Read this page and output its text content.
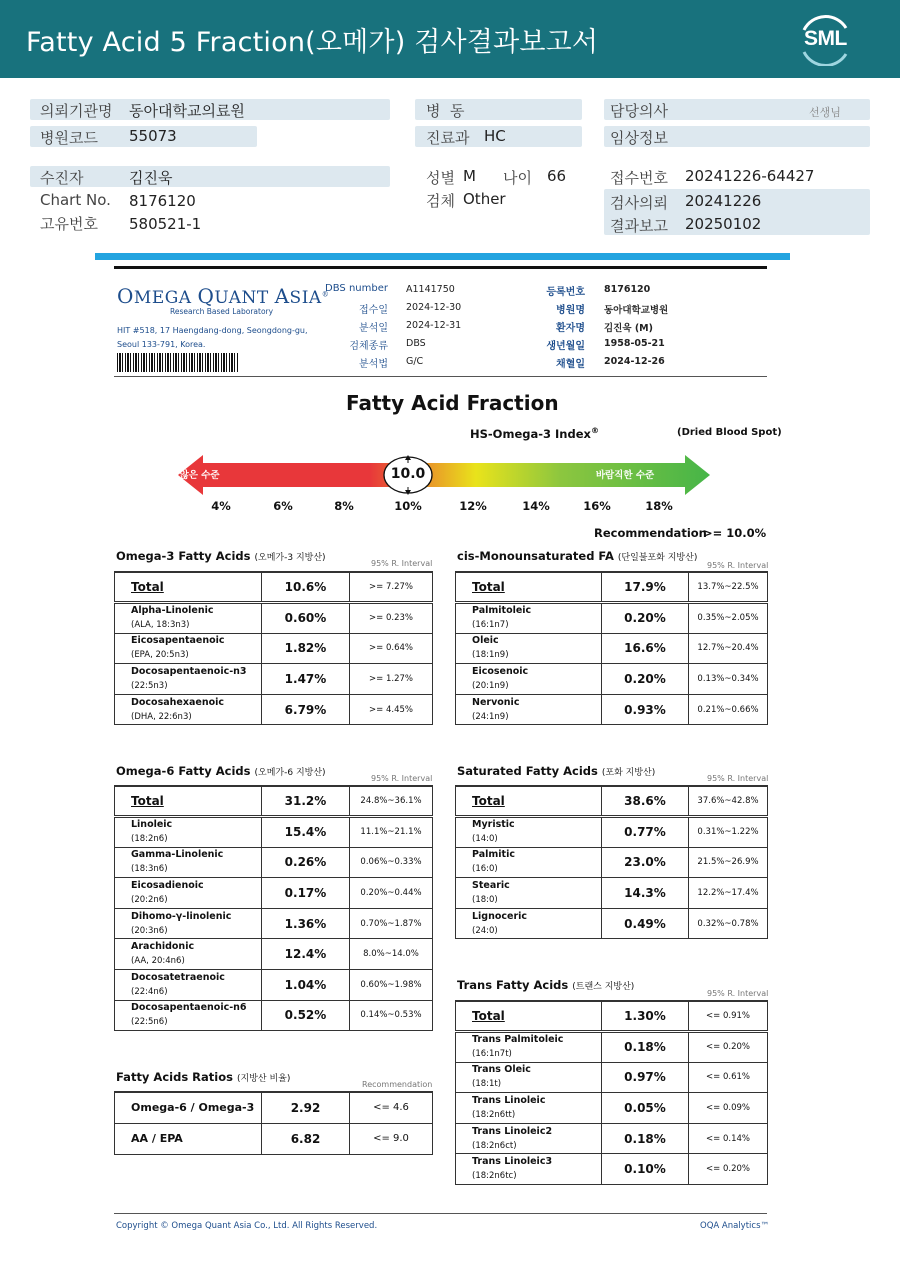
Fatty Acid 5 Fraction(오메가) 검사결과보고서	SML
의뢰기관명 동아대학교의료원
병원코드 55073
병  동
진료과 HC
담당의사	선생님
임상정보
수진자	김진욱
Chart No. 8176120
고유번호 580521-1
성별 M 나이 66
검체 Other
접수번호 20241226-64427
검사의뢰 20241226
결과보고 20250102
OMEGA QUANT ASIA®
Research Based Laboratory
HIT #518, 17 Haengdang-dong, Seongdong-gu,
Seoul 133-791, Korea.
DBS number A1141750
접수일 2024-12-30
분석일 2024-12-31
검체종류 DBS
분석법 G/C
등록번호 8176120
병원명 동아대학교병원
환자명 김진욱 (M)
생년월일 1958-05-21
채혈일 2024-12-26
Fatty Acid Fraction
HS-Omega-3 Index®	(Dried Blood Spot)
바람직하지 않은 수준	바람직한 수준
10.0
4%	6%	8%	10%	12%	14%	16%	18%
Recommendation
>= 10.0%
Omega-3 Fatty Acids (오메가-3 지방산)
95% R. Interval
cis-Monounsaturated FA (단일불포화 지방산)
95% R. Interval
Omega-6 Fatty Acids (오메가-6 지방산)
95% R. Interval
Saturated Fatty Acids (포화 지방산)
95% R. Interval
Trans Fatty Acids (트랜스 지방산)
95% R. Interval
Fatty Acids Ratios (지방산 비율)
Recommendation
Total	10.6%	>= 7.27%
Alpha-Linolenic
(ALA, 18:3n3)	0.60%	>= 0.23%
Eicosapentaenoic
(EPA, 20:5n3)	1.82%	>= 0.64%
Docosapentaenoic-n3
(22:5n3)	1.47%	>= 1.27%
Docosahexaenoic
(DHA, 22:6n3)	6.79%	>= 4.45%
Total	17.9%	13.7%~22.5%
Palmitoleic
(16:1n7)	0.20%	0.35%~2.05%
Oleic
(18:1n9)	16.6%	12.7%~20.4%
Eicosenoic
(20:1n9)	0.20%	0.13%~0.34%
Nervonic
(24:1n9)	0.93%	0.21%~0.66%
Total	31.2%	24.8%~36.1%
Linoleic
(18:2n6)	15.4%	11.1%~21.1%
Gamma-Linolenic
(18:3n6)	0.26%	0.06%~0.33%
Eicosadienoic
(20:2n6)	0.17%	0.20%~0.44%
Dihomo-γ-linolenic
(20:3n6)	1.36%	0.70%~1.87%
Arachidonic
(AA, 20:4n6)	12.4%	8.0%~14.0%
Docosatetraenoic
(22:4n6)	1.04%	0.60%~1.98%
Docosapentaenoic-n6
(22:5n6)	0.52%	0.14%~0.53%
Total	38.6%	37.6%~42.8%
Myristic
(14:0)	0.77%	0.31%~1.22%
Palmitic
(16:0)	23.0%	21.5%~26.9%
Stearic
(18:0)	14.3%	12.2%~17.4%
Lignoceric
(24:0)	0.49%	0.32%~0.78%
Total	1.30%	<= 0.91%
Trans Palmitoleic
(16:1n7t)	0.18%	<= 0.20%
Trans Oleic
(18:1t)	0.97%	<= 0.61%
Trans Linoleic
(18:2n6tt)	0.05%	<= 0.09%
Trans Linoleic2
(18:2n6ct)	0.18%	<= 0.14%
Trans Linoleic3
(18:2n6tc)	0.10%	<= 0.20%
Omega-6 / Omega-3	2.92	<= 4.6
AA / EPA	6.82	<= 9.0
Copyright © Omega Quant Asia Co., Ltd. All Rights Reserved.	OQA Analytics™
